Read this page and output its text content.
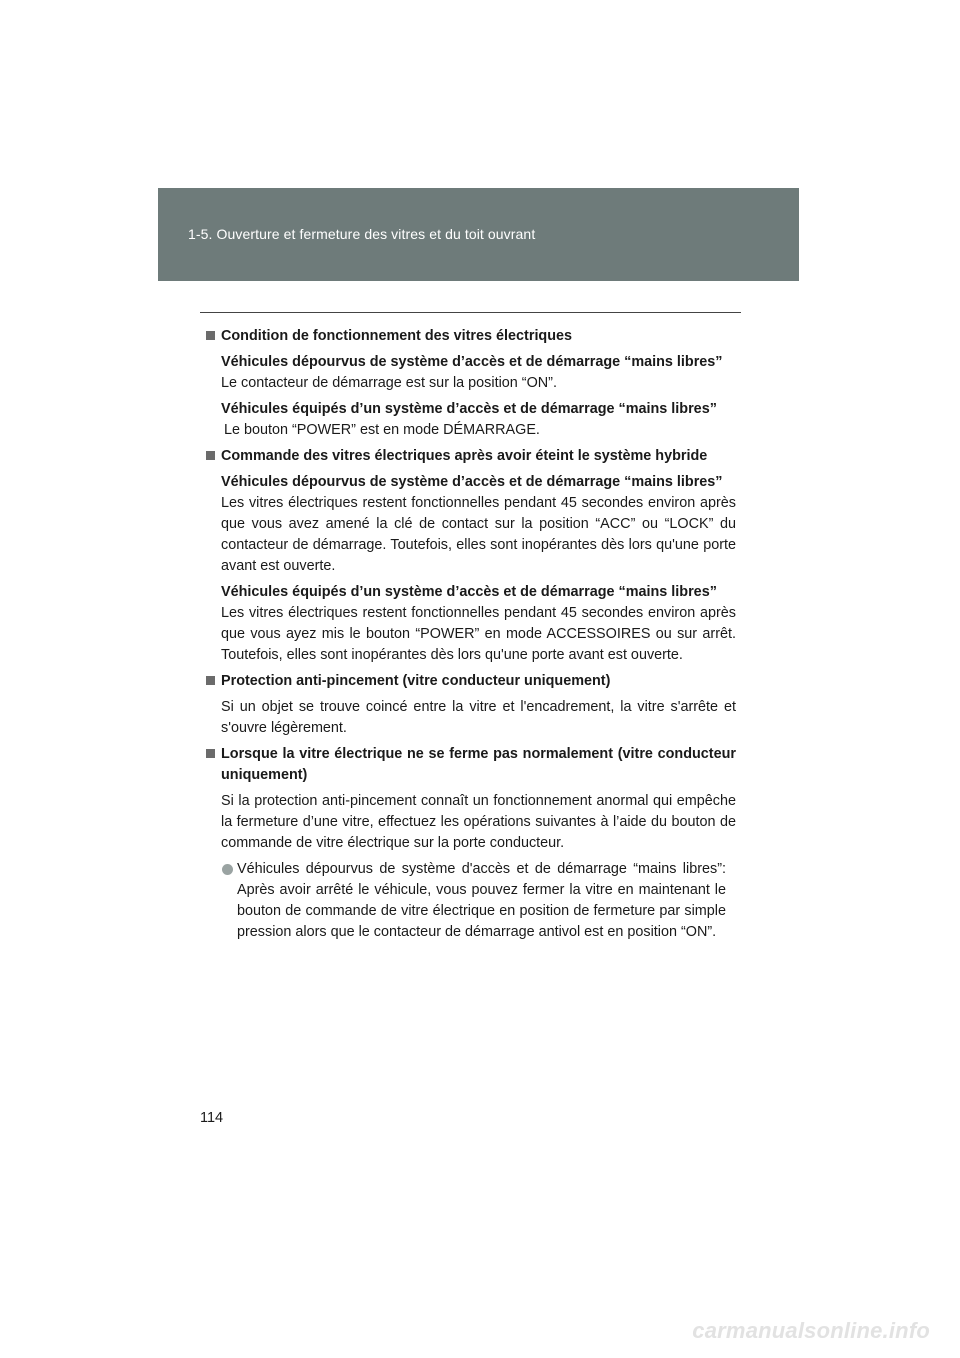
1-5. Ouverture et fermeture des vitres et du toit ouvrant
Condition de fonctionnement des vitres électriques
Véhicules dépourvus de système d’accès et de démarrage “mains libres”
Le contacteur de démarrage est sur la position “ON”.
Véhicules équipés d’un système d’accès et de démarrage “mains libres”
Le bouton “POWER” est en mode DÉMARRAGE.
Commande des vitres électriques après avoir éteint le système hybride
Véhicules dépourvus de système d’accès et de démarrage “mains libres”
Les vitres électriques restent fonctionnelles pendant 45 secondes environ après que vous avez amené la clé de contact sur la position “ACC” ou “LOCK” du contacteur de démarrage. Toutefois, elles sont inopérantes dès lors qu'une porte avant est ouverte.
Véhicules équipés d’un système d’accès et de démarrage “mains libres”
Les vitres électriques restent fonctionnelles pendant 45 secondes environ après que vous ayez mis le bouton “POWER” en mode ACCESSOIRES ou sur arrêt. Toutefois, elles sont inopérantes dès lors qu'une porte avant est ouverte.
Protection anti-pincement (vitre conducteur uniquement)
Si un objet se trouve coincé entre la vitre et l'encadrement, la vitre s'arrête et s'ouvre légèrement.
Lorsque la vitre électrique ne se ferme pas normalement (vitre conducteur uniquement)
Si la protection anti-pincement connaît un fonctionnement anormal qui empêche la fermeture d’une vitre, effectuez les opérations suivantes à l’aide du bouton de commande de vitre électrique sur la porte conducteur.
Véhicules dépourvus de système d'accès et de démarrage “mains libres”: Après avoir arrêté le véhicule, vous pouvez fermer la vitre en maintenant le bouton de commande de vitre électrique en position de fermeture par simple pression alors que le contacteur de démarrage antivol est en position “ON”.
114
carmanualsonline.info
